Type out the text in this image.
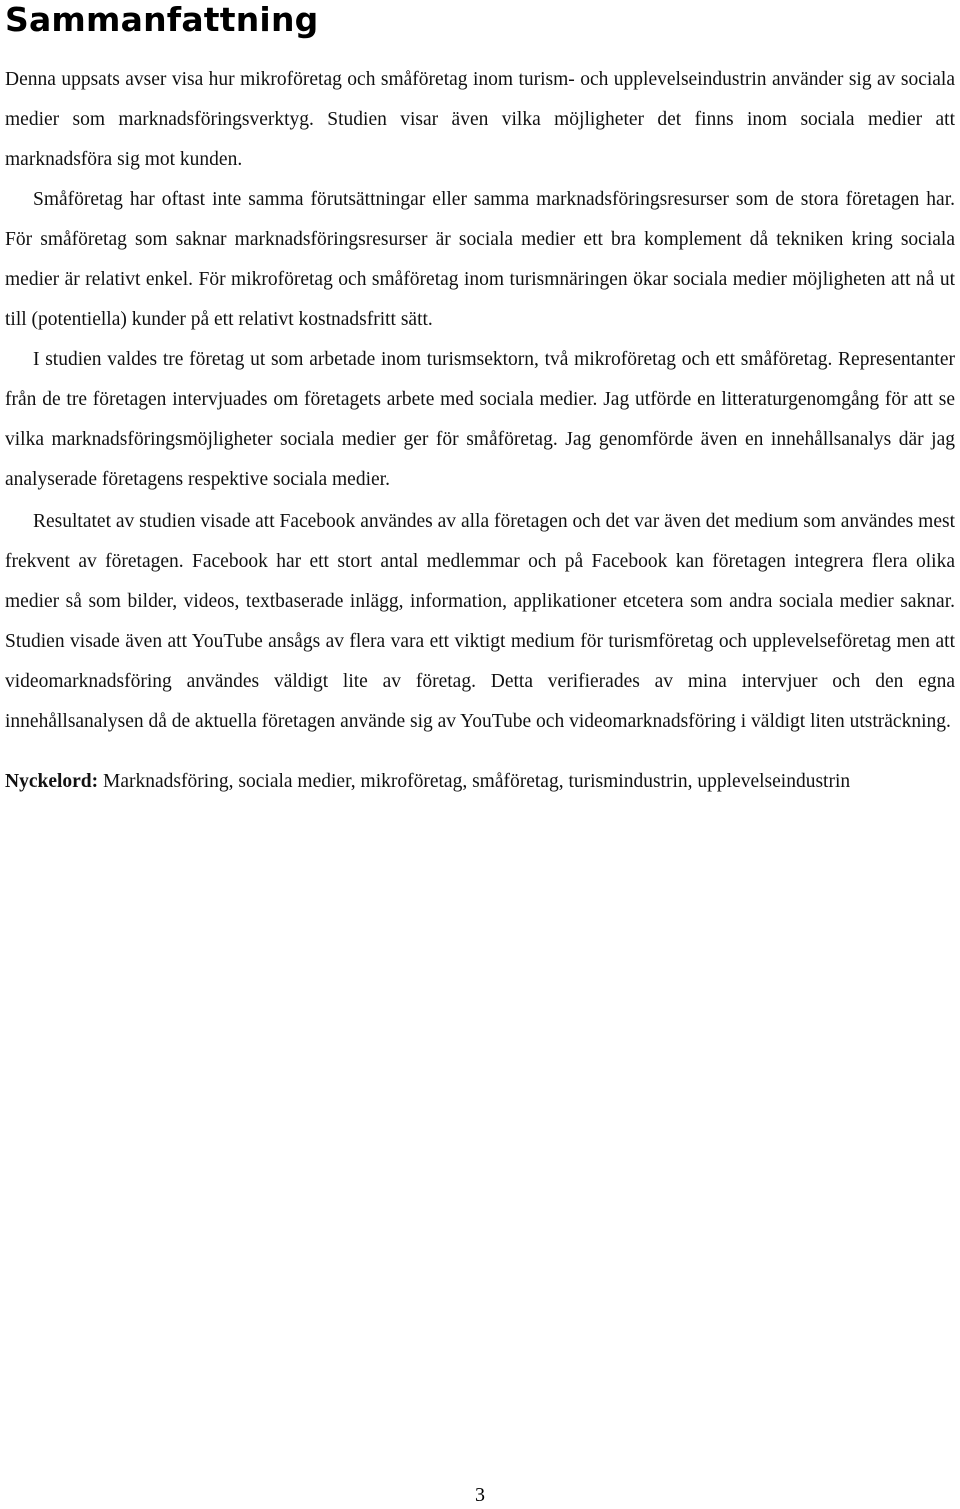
Sammanfattning

Denna uppsats avser visa hur mikroföretag och småföretag inom turism- och upplevelseindustrin använder sig av sociala medier som marknadsföringsverktyg. Studien visar även vilka möjligheter det finns inom sociala medier att marknadsföra sig mot kunden.

Småföretag har oftast inte samma förutsättningar eller samma marknadsföringsresurser som de stora företagen har. För småföretag som saknar marknadsföringsresurser är sociala medier ett bra komplement då tekniken kring sociala medier är relativt enkel. För mikroföretag och småföretag inom turismnäringen ökar sociala medier möjligheten att nå ut till (potentiella) kunder på ett relativt kostnadsfritt sätt.

I studien valdes tre företag ut som arbetade inom turismsektorn, två mikroföretag och ett småföretag. Representanter från de tre företagen intervjuades om företagets arbete med sociala medier. Jag utförde en litteraturgenomgång för att se vilka marknadsföringsmöjligheter sociala medier ger för småföretag. Jag genomförde även en innehållsanalys där jag analyserade företagens respektive sociala medier.

Resultatet av studien visade att Facebook användes av alla företagen och det var även det medium som användes mest frekvent av företagen. Facebook har ett stort antal medlemmar och på Facebook kan företagen integrera flera olika medier så som bilder, videos, textbaserade inlägg, information, applikationer etcetera som andra sociala medier saknar. Studien visade även att YouTube ansågs av flera vara ett viktigt medium för turismföretag och upplevelseföretag men att videomarknadsföring användes väldigt lite av företag. Detta verifierades av mina intervjuer och den egna innehållsanalysen då de aktuella företagen använde sig av YouTube och videomarknadsföring i väldigt liten utsträckning.

Nyckelord: Marknadsföring, sociala medier, mikroföretag, småföretag, turismindustrin, upplevelseindustrin

3
